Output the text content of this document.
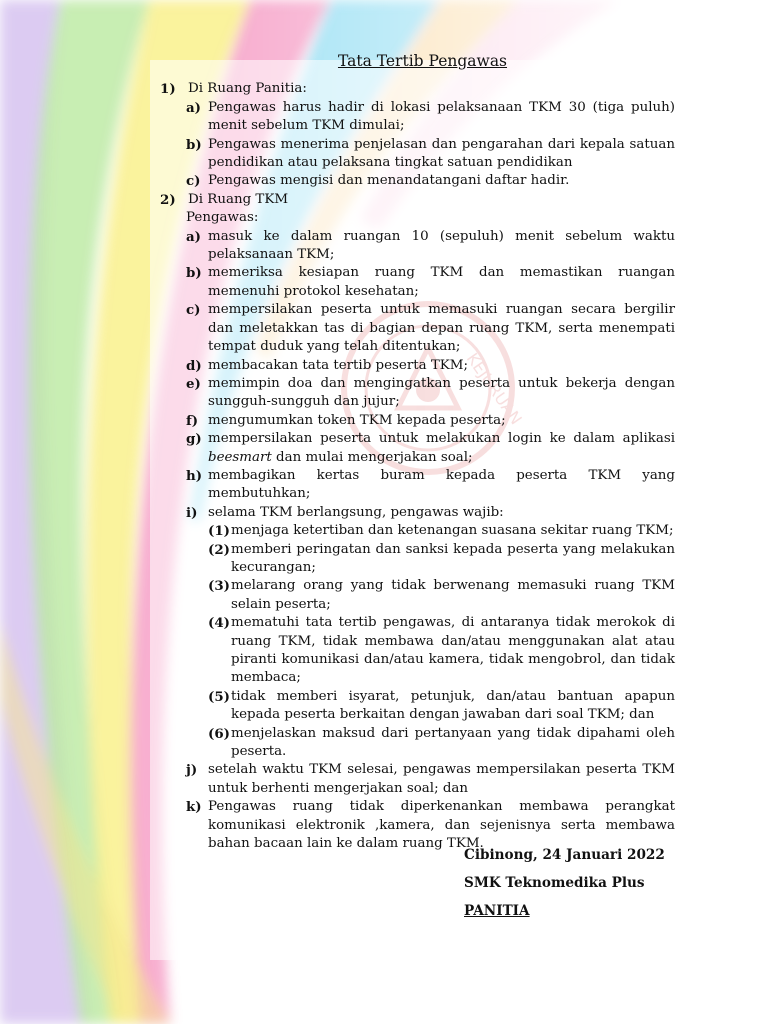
KEJURUAN
Tata Tertib Pengawas
1) Di Ruang Panitia:
a) Pengawas harus hadir di lokasi pelaksanaan TKM 30 (tiga puluh) menit sebelum TKM dimulai;
b) Pengawas menerima penjelasan dan pengarahan dari kepala satuan pendidikan atau pelaksana tingkat satuan pendidikan
c) Pengawas mengisi dan menandatangani daftar hadir.
2) Di Ruang TKM
Pengawas:
a) masuk ke dalam ruangan 10 (sepuluh) menit sebelum waktu pelaksanaan TKM;
b) memeriksa kesiapan ruang TKM dan memastikan ruangan memenuhi protokol kesehatan;
c) mempersilakan peserta untuk memasuki ruangan secara bergilir dan meletakkan tas di bagian depan ruang TKM, serta menempati tempat duduk yang telah ditentukan;
d) membacakan tata tertib peserta TKM;
e) memimpin doa dan mengingatkan peserta untuk bekerja dengan sungguh-sungguh dan jujur;
f) mengumumkan token TKM kepada peserta;
g) mempersilakan peserta untuk melakukan login ke dalam aplikasi beesmart dan mulai mengerjakan soal;
h) membagikan kertas buram kepada peserta TKM yang membutuhkan;
i) selama TKM berlangsung, pengawas wajib:
(1) menjaga ketertiban dan ketenangan suasana sekitar ruang TKM;
(2) memberi peringatan dan sanksi kepada peserta yang melakukan kecurangan;
(3) melarang orang yang tidak berwenang memasuki ruang TKM selain peserta;
(4) mematuhi tata tertib pengawas, di antaranya tidak merokok di ruang TKM, tidak membawa dan/atau menggunakan alat atau piranti komunikasi dan/atau kamera, tidak mengobrol, dan tidak membaca;
(5) tidak memberi isyarat, petunjuk, dan/atau bantuan apapun kepada peserta berkaitan dengan jawaban dari soal TKM; dan
(6) menjelaskan maksud dari pertanyaan yang tidak dipahami oleh peserta.
j) setelah waktu TKM selesai, pengawas mempersilakan peserta TKM untuk berhenti mengerjakan soal; dan
k) Pengawas ruang tidak diperkenankan membawa perangkat komunikasi elektronik ,kamera, dan sejenisnya serta membawa bahan bacaan lain ke dalam ruang TKM.
Cibinong, 24 Januari 2022
SMK Teknomedika Plus
PANITIA
